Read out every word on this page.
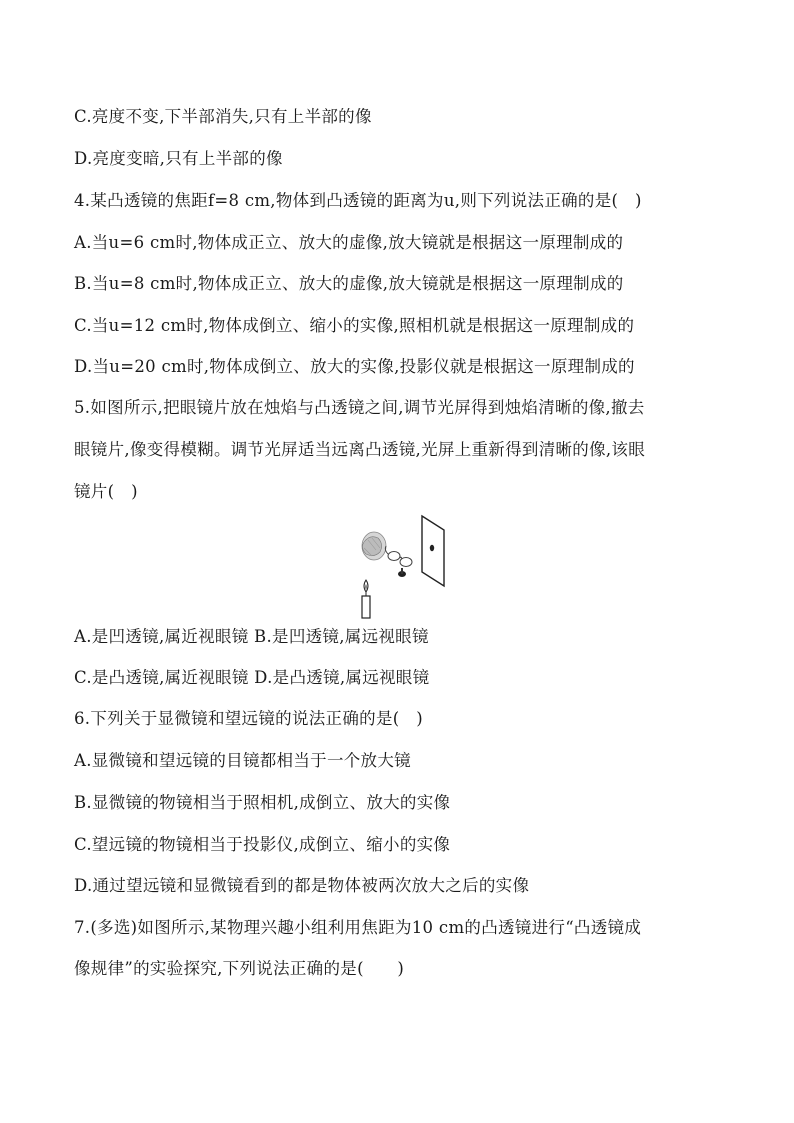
C.亮度不变,下半部消失,只有上半部的像
D.亮度变暗,只有上半部的像
4.某凸透镜的焦距f=8 cm,物体到凸透镜的距离为u,则下列说法正确的是(　)
A.当u=6 cm时,物体成正立、放大的虚像,放大镜就是根据这一原理制成的
B.当u=8 cm时,物体成正立、放大的虚像,放大镜就是根据这一原理制成的
C.当u=12 cm时,物体成倒立、缩小的实像,照相机就是根据这一原理制成的
D.当u=20 cm时,物体成倒立、放大的实像,投影仪就是根据这一原理制成的
5.如图所示,把眼镜片放在烛焰与凸透镜之间,调节光屏得到烛焰清晰的像,撤去
眼镜片,像变得模糊。调节光屏适当远离凸透镜,光屏上重新得到清晰的像,该眼
镜片(　)
A.是凹透镜,属近视眼镜 B.是凹透镜,属远视眼镜
C.是凸透镜,属近视眼镜 D.是凸透镜,属远视眼镜
6.下列关于显微镜和望远镜的说法正确的是(　)
A.显微镜和望远镜的目镜都相当于一个放大镜
B.显微镜的物镜相当于照相机,成倒立、放大的实像
C.望远镜的物镜相当于投影仪,成倒立、缩小的实像
D.通过望远镜和显微镜看到的都是物体被两次放大之后的实像
7.(多选)如图所示,某物理兴趣小组利用焦距为10 cm的凸透镜进行“凸透镜成
像规律”的实验探究,下列说法正确的是(　　)
